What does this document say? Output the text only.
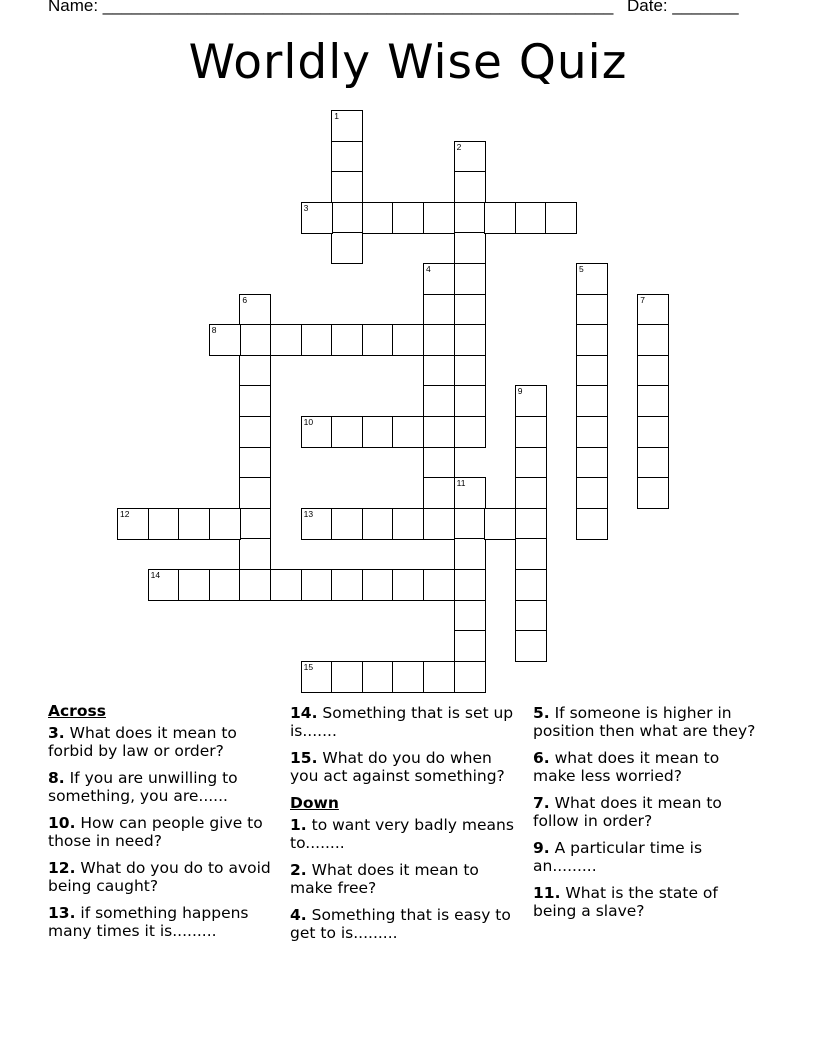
Name: ______________________________________________________ Date: _______
Worldly Wise Quiz
1
2
3
4	5
6	7
8
9
10
11
12	13
14
15
Across
3. What does it mean to forbid by law or order?
8. If you are unwilling to something, you are......
10. How can people give to those in need?
12. What do you do to avoid being caught?
13. if something happens many times it is.........
14. Something that is set up is.......
15. What do you do when you act against something?
Down
1. to want very badly means to........
2. What does it mean to make free?
4. Something that is easy to get to is.........
5. If someone is higher in position then what are they?
6. what does it mean to make less worried?
7. What does it mean to follow in order?
9. A particular time is an.........
11. What is the state of being a slave?
